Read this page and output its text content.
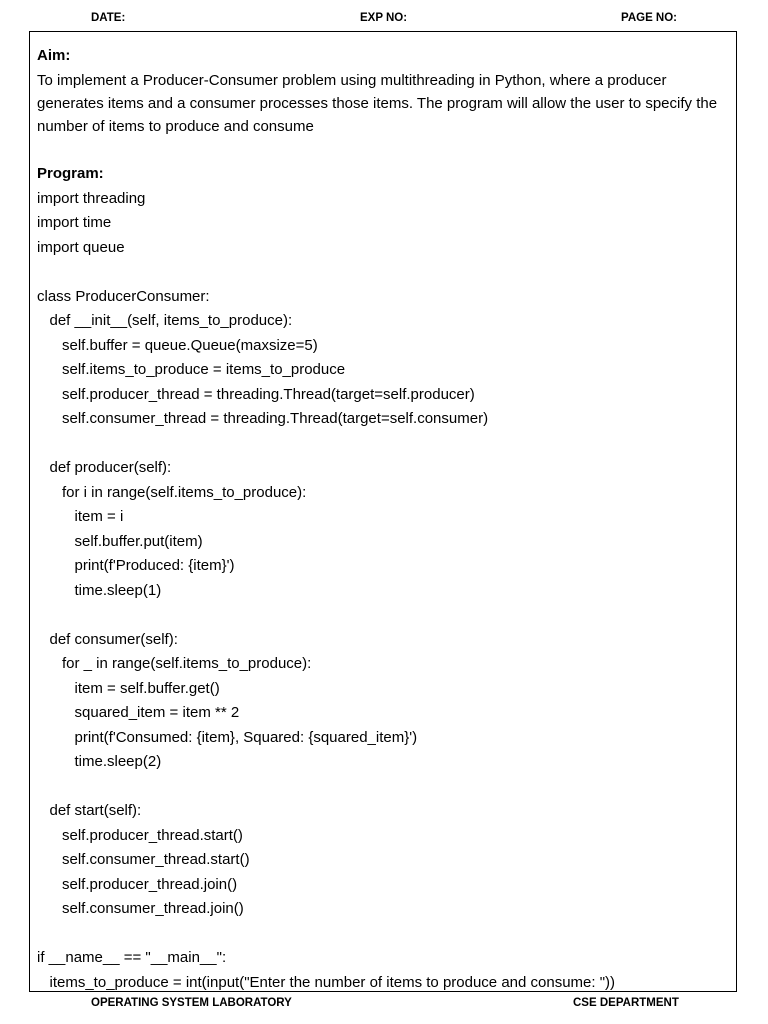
DATE:	EXP NO:	PAGE NO:
Aim:

To implement a Producer-Consumer problem using multithreading in Python, where a producer generates items and a consumer processes those items. The program will allow the user to specify the number of items to produce and consume

Program:
import threading
import time
import queue
class ProducerConsumer:
def __init__(self, items_to_produce):
self.buffer = queue.Queue(maxsize=5)
self.items_to_produce = items_to_produce
self.producer_thread = threading.Thread(target=self.producer)
self.consumer_thread = threading.Thread(target=self.consumer)
def producer(self):
for i in range(self.items_to_produce):
item = i
self.buffer.put(item)
print(f'Produced: {item}')
time.sleep(1)
def consumer(self):
for _ in range(self.items_to_produce):
item = self.buffer.get()
squared_item = item ** 2
print(f'Consumed: {item}, Squared: {squared_item}')
time.sleep(2)
def start(self):
self.producer_thread.start()
self.consumer_thread.start()
self.producer_thread.join()
self.consumer_thread.join()
if __name__ == "__main__":
items_to_produce = int(input("Enter the number of items to produce and consume: "))
OPERATING SYSTEM LABORATORY	CSE DEPARTMENT
